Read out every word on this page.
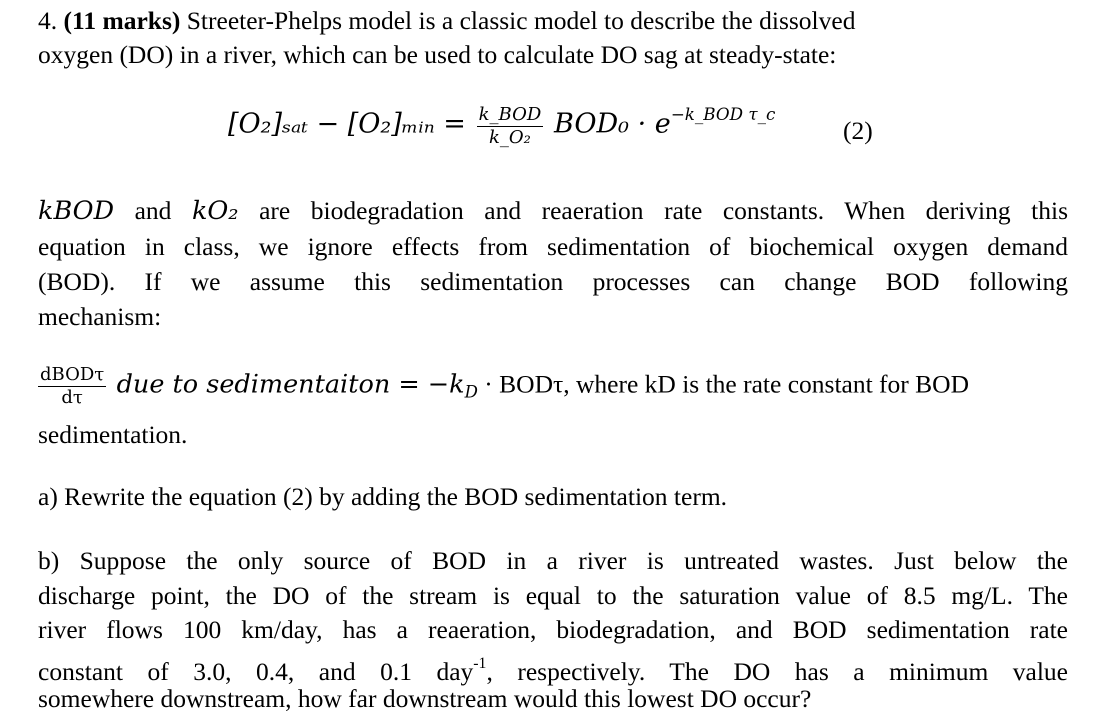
4. (11 marks) Streeter-Phelps model is a classic model to describe the dissolved
oxygen (DO) in a river, which can be used to calculate DO sag at steady-state:
[O₂]ₛₐₜ − [O₂]ₘᵢₙ = $\frac{\text{k\_BOD}}{\text{k\_O₂}} BOD_0 \cdot e^{-k\_BOD \tau\_c}$
(2)
kBOD and kO₂ are biodegradation and reaeration rate constants. When deriving this
equation in class, we ignore effects from sedimentation of biochemical oxygen demand
(BOD). If we assume this sedimentation processes can change BOD following
mechanism:
$\frac{\text{dBODτ}}{d\tau}$ due to sedimentaiton = $-k_D \cdot BOD\tau$, where kD is the rate constant for BOD
sedimentation.
a) Rewrite the equation (2) by adding the BOD sedimentation term.
b) Suppose the only source of BOD in a river is untreated wastes. Just below the
discharge point, the DO of the stream is equal to the saturation value of 8.5 mg/L. The
river flows 100 km/day, has a reaeration, biodegradation, and BOD sedimentation rate
constant of 3.0, 0.4, and 0.1 day$^{-1}$, respectively. The DO has a minimum value
somewhere downstream, how far downstream would this lowest DO occur?
